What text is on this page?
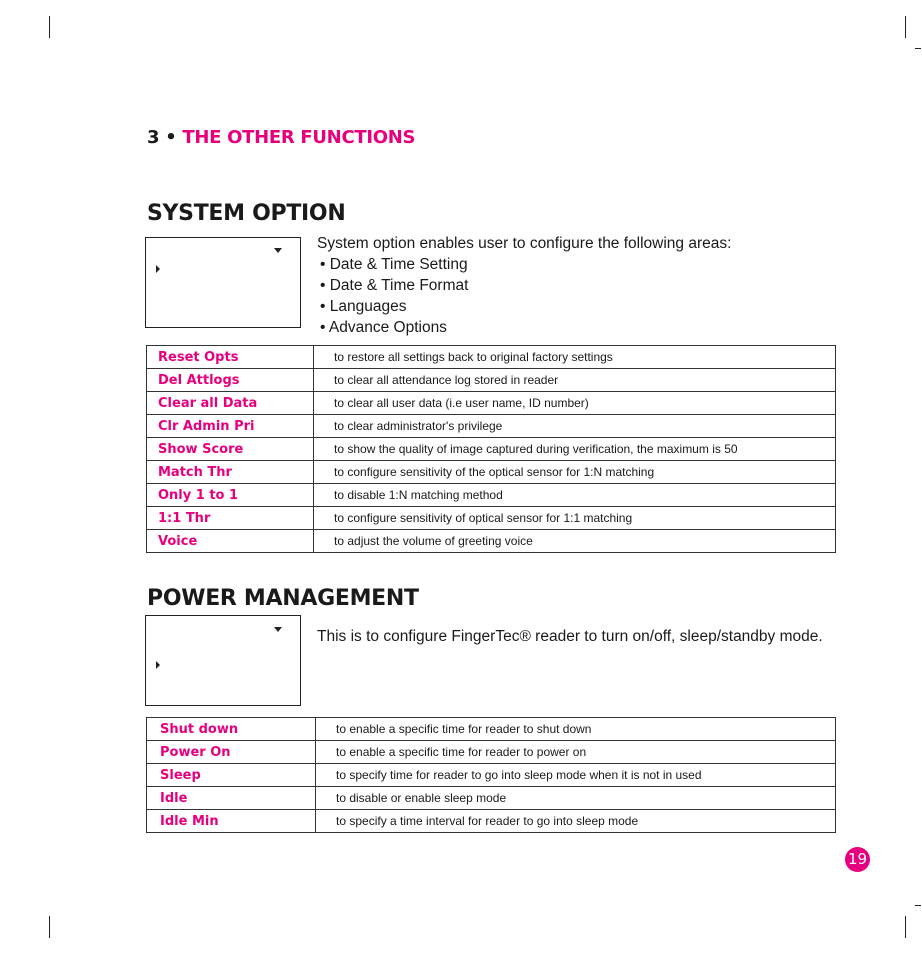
3 • THE OTHER FUNCTIONS
SYSTEM OPTION
System option enables user to configure the following areas:
• Date & Time Setting
• Date & Time Format
• Languages
• Advance Options
Reset Opts	to restore all settings back to original factory settings
Del Attlogs	to clear all attendance log stored in reader
Clear all Data	to clear all user data (i.e user name, ID number)
Clr Admin Pri	to clear administrator's privilege
Show Score	to show the quality of image captured during verification, the maximum is 50
Match Thr	to configure sensitivity of the optical sensor for 1:N matching
Only 1 to 1	to disable 1:N matching method
1:1 Thr	to configure sensitivity of optical sensor for 1:1 matching
Voice	to adjust the volume of greeting voice
POWER MANAGEMENT
This is to configure FingerTec® reader to turn on/off, sleep/standby mode.
Shut down	to enable a specific time for reader to shut down
Power On	to enable a specific time for reader to power on
Sleep	to specify time for reader to go into sleep mode when it is not in used
Idle	to disable or enable sleep mode
Idle Min	to specify a time interval for reader to go into sleep mode
19
